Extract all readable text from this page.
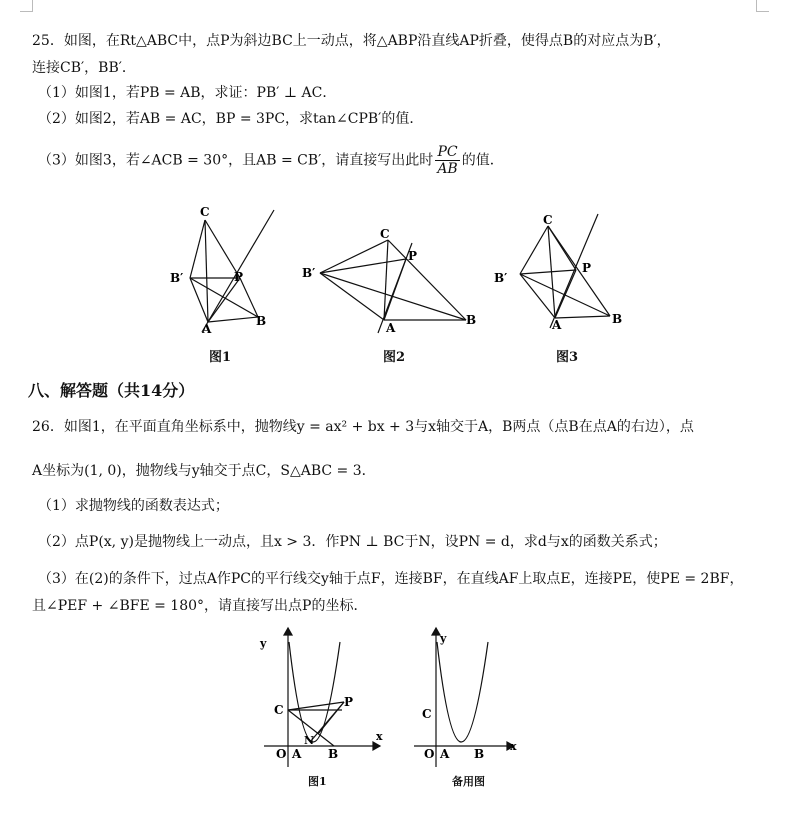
25．如图，在Rt△ABC中，点P为斜边BC上一动点，将△ABP沿直线AP折叠，使得点B的对应点为B′，
连接CB′，BB′．
（1）如图1，若PB = AB，求证：PB′ ⊥ AC．
（2）如图2，若AB = AC，BP = 3PC，求tan∠CPB′的值．
（3）如图3，若∠ACB = 30°，且AB = CB′，请直接写出此时 $\frac{PC}{AB}$ 的值．
C
B′	P
A
B
图1
C
P
B′
A
B
图2
C
P
B′
A	B
图3
八、解答题（共14分）
26．如图1，在平面直角坐标系中，抛物线y = ax² + bx + 3与x轴交于A，B两点（点B在点A的右边），点
A坐标为(1, 0)，抛物线与y轴交于点C，S△ABC = 3．
（1）求抛物线的函数表达式；
（2）点P(x, y)是抛物线上一动点，且x > 3．作PN ⊥ BC于N，设PN = d，求d与x的函数关系式；
（3）在(2)的条件下，过点A作PC的平行线交y轴于点F，连接BF，在直线AF上取点E，连接PE，使PE = 2BF，
且∠PEF + ∠BFE = 180°，请直接写出点P的坐标．
y
C
P
N
O A B
x
图1
y
C
O A B
x
备用图
